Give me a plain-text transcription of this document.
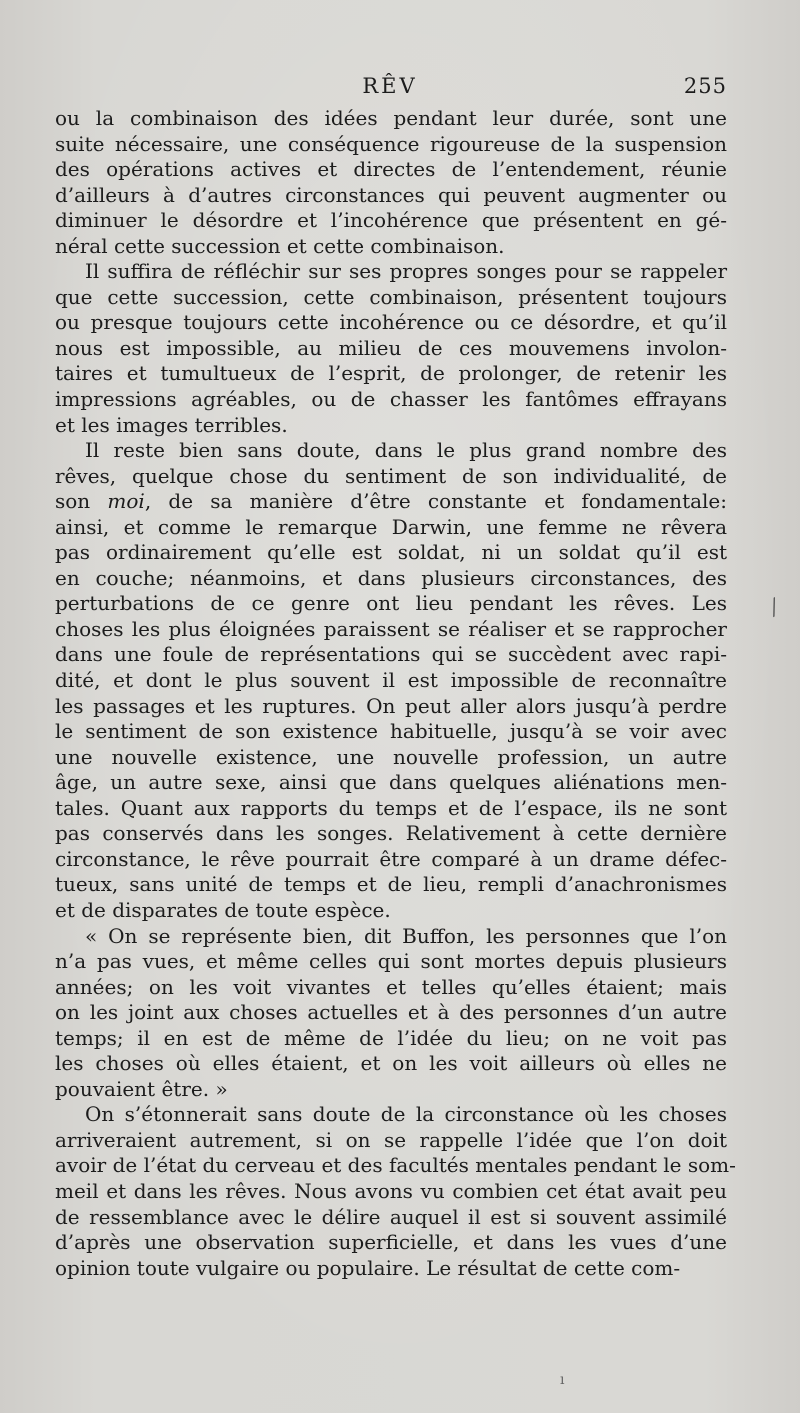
RÊV	255
ou la combinaison des idées pendant leur durée, sont une
suite nécessaire, une conséquence rigoureuse de la suspension
des opérations actives et directes de l’entendement, réunie
d’ailleurs à d’autres circonstances qui peuvent augmenter ou
diminuer le désordre et l’incohérence que présentent en gé-
néral cette succession et cette combinaison.
Il suffira de réfléchir sur ses propres songes pour se rappeler
que cette succession, cette combinaison, présentent toujours
ou presque toujours cette incohérence ou ce désordre, et qu’il
nous est impossible, au milieu de ces mouvemens involon-
taires et tumultueux de l’esprit, de prolonger, de retenir les
impressions agréables, ou de chasser les fantômes effrayans
et les images terribles.
Il reste bien sans doute, dans le plus grand nombre des
rêves, quelque chose du sentiment de son individualité, de
son moi, de sa manière d’être constante et fondamentale:
ainsi, et comme le remarque Darwin, une femme ne rêvera
pas ordinairement qu’elle est soldat, ni un soldat qu’il est
en couche; néanmoins, et dans plusieurs circonstances, des
perturbations de ce genre ont lieu pendant les rêves. Les
choses les plus éloignées paraissent se réaliser et se rapprocher
dans une foule de représentations qui se succèdent avec rapi-
dité, et dont le plus souvent il est impossible de reconnaître
les passages et les ruptures. On peut aller alors jusqu’à perdre
le sentiment de son existence habituelle, jusqu’à se voir avec
une nouvelle existence, une nouvelle profession, un autre
âge, un autre sexe, ainsi que dans quelques aliénations men-
tales. Quant aux rapports du temps et de l’espace, ils ne sont
pas conservés dans les songes. Relativement à cette dernière
circonstance, le rêve pourrait être comparé à un drame défec-
tueux, sans unité de temps et de lieu, rempli d’anachronismes
et de disparates de toute espèce.
« On se représente bien, dit Buffon, les personnes que l’on
n’a pas vues, et même celles qui sont mortes depuis plusieurs
années; on les voit vivantes et telles qu’elles étaient; mais
on les joint aux choses actuelles et à des personnes d’un autre
temps; il en est de même de l’idée du lieu; on ne voit pas
les choses où elles étaient, et on les voit ailleurs où elles ne
pouvaient être. »
On s’étonnerait sans doute de la circonstance où les choses
arriveraient autrement, si on se rappelle l’idée que l’on doit
avoir de l’état du cerveau et des facultés mentales pendant le som-
meil et dans les rêves. Nous avons vu combien cet état avait peu
de ressemblance avec le délire auquel il est si souvent assimilé
d’après une observation superficielle, et dans les vues d’une
opinion toute vulgaire ou populaire. Le résultat de cette com-
⁄
ı
